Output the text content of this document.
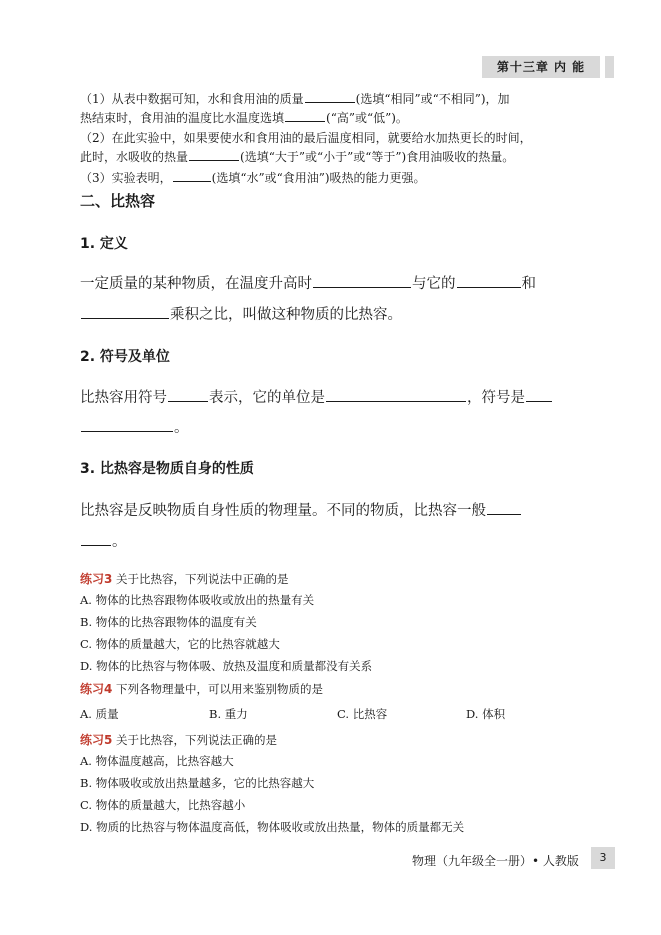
第十三章 内 能
（1）从表中数据可知，水和食用油的质量	(选填“相同”或“不相同”)，加
热结束时，食用油的温度比水温度选填	(“高”或“低”)。
（2）在此实验中，如果要使水和食用油的最后温度相同，就要给水加热更长的时间，
此时，水吸收的热量	(选填“大于”或“小于”或“等于”)食用油吸收的热量。
（3）实验表明，	(选填“水”或“食用油”)吸热的能力更强。
二、比热容
1. 定义
一定质量的某种物质，在温度升高时	与它的	和
乘积之比，叫做这种物质的比热容。
2. 符号及单位
比热容用符号	表示，它的单位是	，符号是
。
3. 比热容是物质自身的性质
比热容是反映物质自身性质的物理量。不同的物质，比热容一般
。
练习3 关于比热容，下列说法中正确的是
A. 物体的比热容跟物体吸收或放出的热量有关
B. 物体的比热容跟物体的温度有关
C. 物体的质量越大，它的比热容就越大
D. 物体的比热容与物体吸、放热及温度和质量都没有关系
练习4 下列各物理量中，可以用来鉴别物质的是
A. 质量	B. 重力	C. 比热容	D. 体积
练习5 关于比热容，下列说法正确的是
A. 物体温度越高，比热容越大
B. 物体吸收或放出热量越多，它的比热容越大
C. 物体的质量越大，比热容越小
D. 物质的比热容与物体温度高低，物体吸收或放出热量，物体的质量都无关
物理（九年级全一册）• 人教版	3
